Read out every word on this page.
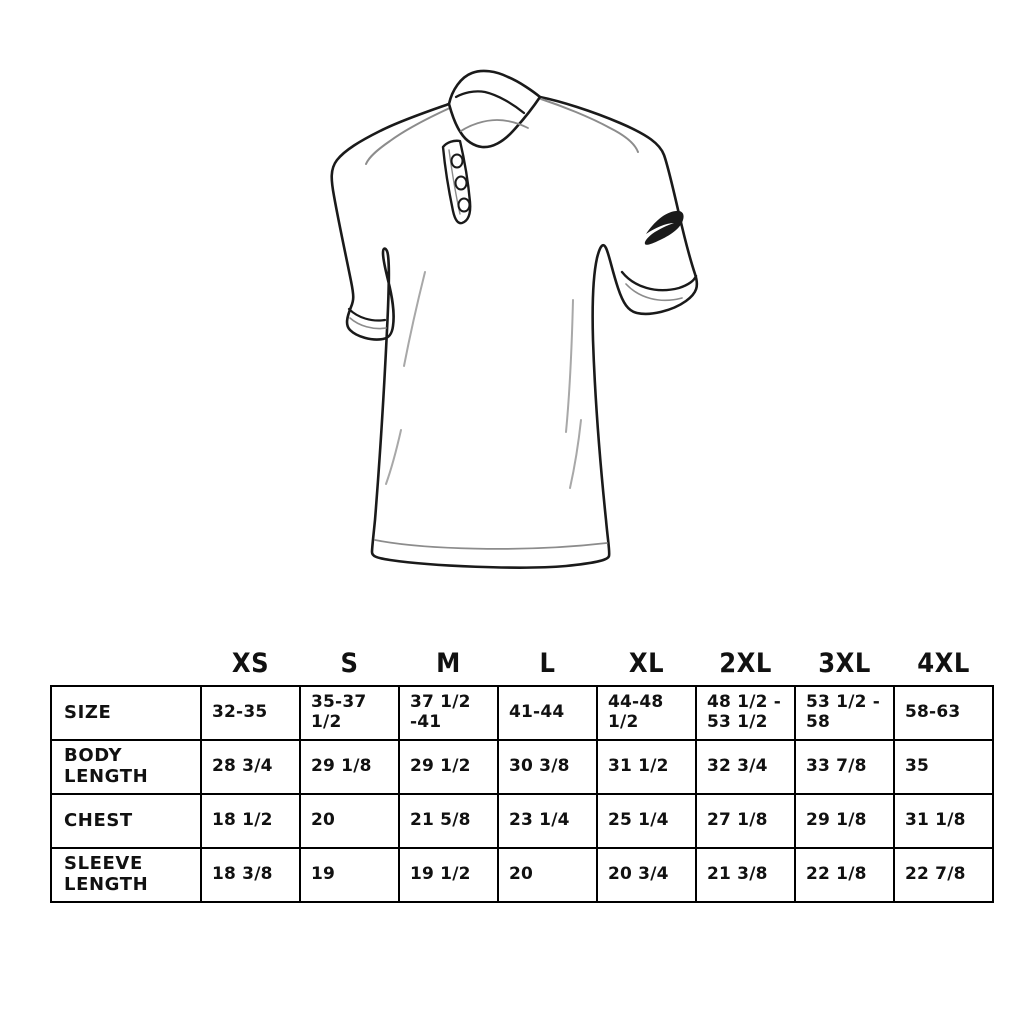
	XS	S	M	L	XL	2XL	3XL	4XL
SIZE	32-35	35-37 1/2	37 1/2 -41	41-44	44-48 1/2	48 1/2 - 53 1/2	53 1/2 - 58	58-63
BODY LENGTH	28 3/4	29 1/8	29 1/2	30 3/8	31 1/2	32 3/4	33 7/8	35
CHEST	18 1/2	20	21 5/8	23 1/4	25 1/4	27 1/8	29 1/8	31 1/8
SLEEVE LENGTH	18 3/8	19	19 1/2	20	20 3/4	21 3/8	22 1/8	22 7/8
